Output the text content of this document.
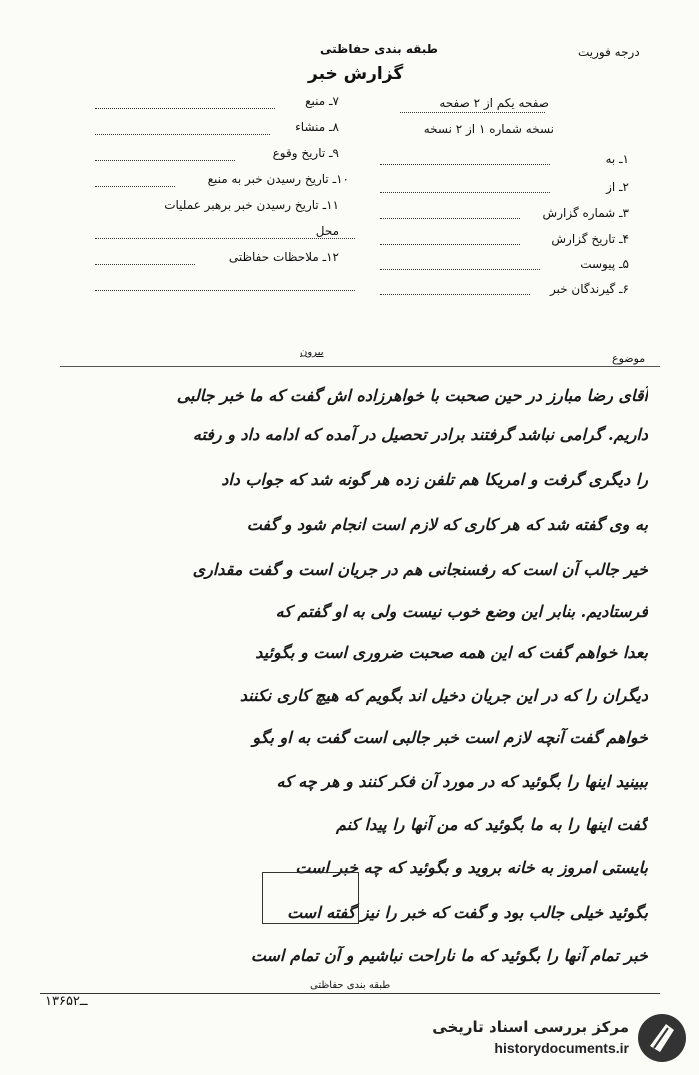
طبقه بندی حفاظتی
گزارش خبر
درجه فوریت
صفحه یکم از ۲ صفحه
نسخه شماره ۱ از ۲ نسخه
۱ـ به
۲ـ از
۳ـ شماره گزارش
۴ـ تاریخ گزارش
۵ـ پیوست
۶ـ گیرندگان خبر
۷ـ منبع
۸ـ منشاء
۹ـ تاریخ وقوع
۱۰ـ تاریخ رسیدن خبر به منبع
۱۱ـ تاریخ رسیدن خبر برهبر عملیات
محل
۱۲ـ ملاحظات حفاظتی
بیرون	موضوع
آقای رضا مبارز در حین صحبت با خواهرزاده اش گفت که ما خبر جالبی
داریم. گرامی نباشد گرفتند برادر تحصیل در آمده که ادامه داد و رفته
را دیگری گرفت و امریکا هم تلفن زده هر گونه شد که جواب داد
به وی گفته شد که هر کاری که لازم است انجام شود و گفت
خیر جالب آن است که رفسنجانی هم در جریان است و گفت مقداری
فرستادیم. بنابر این وضع خوب نیست ولی به او گفتم که
بعدا خواهم گفت که این همه صحبت ضروری است و بگوئید
دیگران را که در این جریان دخیل اند بگویم که هیچ کاری نکنند
خواهم گفت آنچه لازم است خبر جالبی است گفت به او بگو
ببینید اینها را بگوئید که در مورد آن فکر کنند و هر چه که
گفت اینها را به ما بگوئید که من آنها را پیدا کنم
بایستی امروز به خانه بروید و بگوئید که چه خبر است
بگوئید خیلی جالب بود و گفت که خبر را نیز گفته است
خبر تمام آنها را بگوئید که ما ناراحت نباشیم و آن تمام است
طبقه بندی حفاظتی
۱۳۶ــ۵۲
مرکز بررسی اسناد تاریخی
historydocuments.ir
